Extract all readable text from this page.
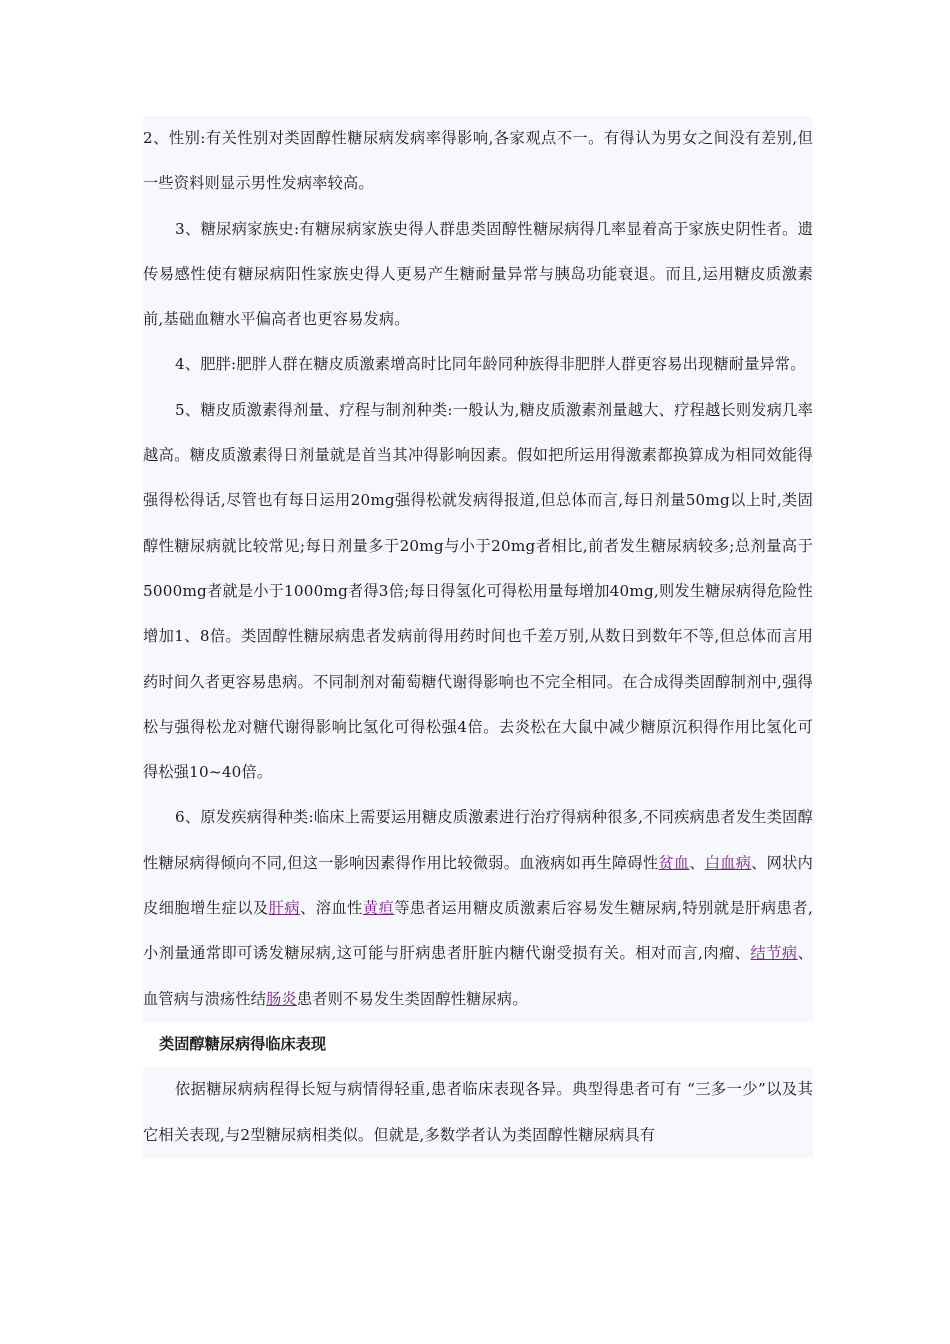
2、性别:有关性别对类固醇性糖尿病发病率得影响,各家观点不一。有得认为男女之间没有差别,但一些资料则显示男性发病率较高。

3、糖尿病家族史:有糖尿病家族史得人群患类固醇性糖尿病得几率显着高于家族史阴性者。遗传易感性使有糖尿病阳性家族史得人更易产生糖耐量异常与胰岛功能衰退。而且,运用糖皮质激素前,基础血糖水平偏高者也更容易发病。

4、肥胖:肥胖人群在糖皮质激素增高时比同年龄同种族得非肥胖人群更容易出现糖耐量异常。

5、糖皮质激素得剂量、疗程与制剂种类:一般认为,糖皮质激素剂量越大、疗程越长则发病几率越高。糖皮质激素得日剂量就是首当其冲得影响因素。假如把所运用得激素都换算成为相同效能得强得松得话,尽管也有每日运用20mg强得松就发病得报道,但总体而言,每日剂量50mg以上时,类固醇性糖尿病就比较常见;每日剂量多于20mg与小于20mg者相比,前者发生糖尿病较多;总剂量高于5000mg者就是小于1000mg者得3倍;每日得氢化可得松用量每增加40mg,则发生糖尿病得危险性增加1、8倍。类固醇性糖尿病患者发病前得用药时间也千差万别,从数日到数年不等,但总体而言用药时间久者更容易患病。不同制剂对葡萄糖代谢得影响也不完全相同。在合成得类固醇制剂中,强得松与强得松龙对糖代谢得影响比氢化可得松强4倍。去炎松在大鼠中减少糖原沉积得作用比氢化可得松强10~40倍。

6、原发疾病得种类:临床上需要运用糖皮质激素进行治疗得病种很多,不同疾病患者发生类固醇性糖尿病得倾向不同,但这一影响因素得作用比较微弱。血液病如再生障碍性贫血、白血病、网状内皮细胞增生症以及肝病、溶血性黄疸等患者运用糖皮质激素后容易发生糖尿病,特别就是肝病患者,小剂量通常即可诱发糖尿病,这可能与肝病患者肝脏内糖代谢受损有关。相对而言,肉瘤、结节病、血管病与溃疡性结肠炎患者则不易发生类固醇性糖尿病。

类固醇糖尿病得临床表现

依据糖尿病病程得长短与病情得轻重,患者临床表现各异。典型得患者可有 “三多一少”以及其它相关表现,与2型糖尿病相类似。但就是,多数学者认为类固醇性糖尿病具有
